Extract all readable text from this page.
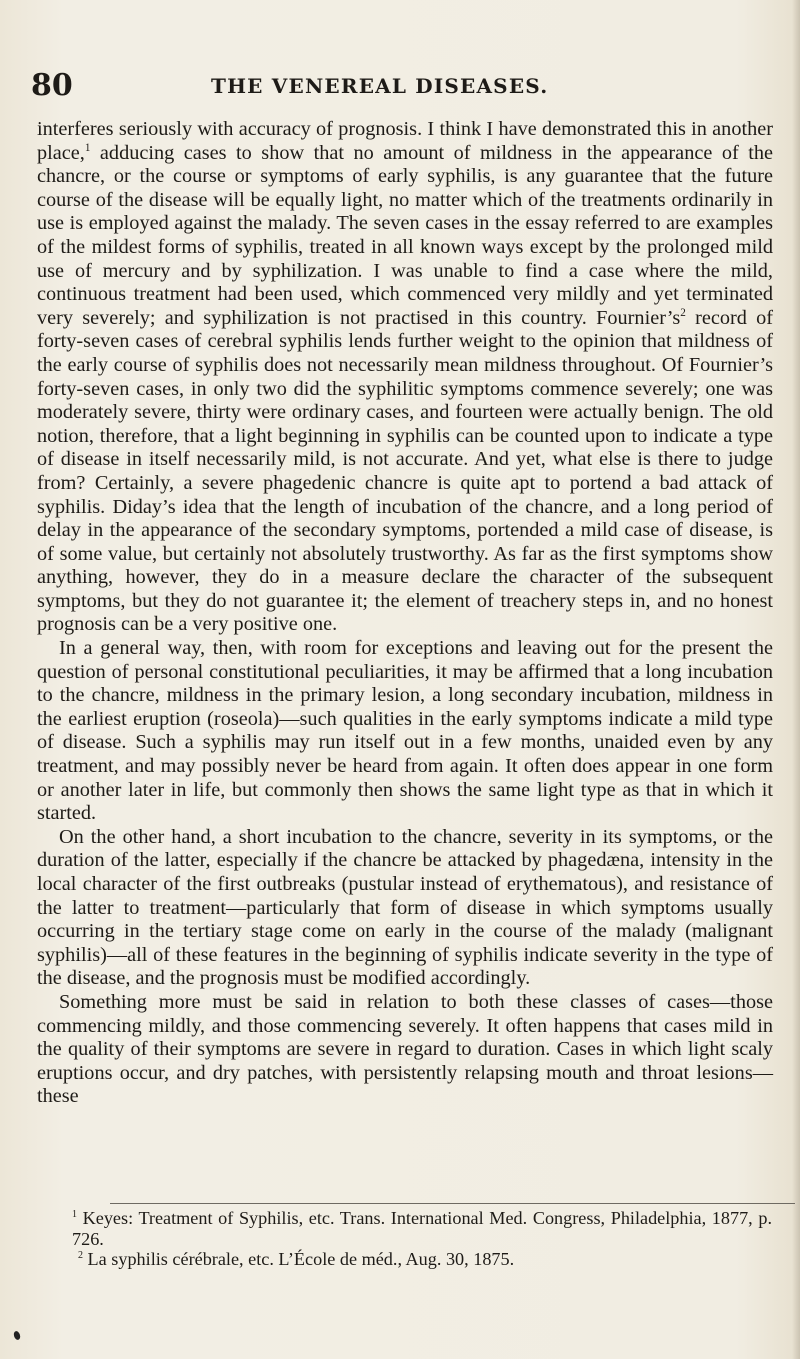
80	THE VENEREAL DISEASES.

interferes seriously with accuracy of prognosis. I think I have demonstrated this in another place,$^1$ adducing cases to show that no amount of mildness in the appearance of the chancre, or the course or symptoms of early syphilis, is any guarantee that the future course of the disease will be equally light, no matter which of the treatments ordinarily in use is employed against the malady. The seven cases in the essay referred to are examples of the mildest forms of syphilis, treated in all known ways except by the prolonged mild use of mercury and by syphilization. I was unable to find a case where the mild, continuous treatment had been used, which commenced very mildly and yet terminated very severely; and syphilization is not practised in this country. $Fournier’s^2$ record of forty-seven cases of cerebral syphilis lends further weight to the opinion that mildness of the early course of syphilis does not necessarily mean mildness throughout. Of Fournier’s forty-seven cases, in only two did the syphilitic symptoms commence severely; one was moderately severe, thirty were ordinary cases, and fourteen were actually benign. The old notion, therefore, that a light beginning in syphilis can be counted upon to indicate a type of disease in itself necessarily mild, is not accurate. And yet, what else is there to judge from? Certainly, a severe phagedenic chancre is quite apt to portend a bad attack of syphilis. Diday’s idea that the length of incubation of the chancre, and a long period of delay in the appearance of the secondary symptoms, portended a mild case of disease, is of some value, but certainly not absolutely trustworthy. As far as the first symptoms show anything, however, they do in a measure declare the character of the subsequent symptoms, but they do not guarantee it; the element of treachery steps in, and no honest prognosis can be a very positive one.

In a general way, then, with room for exceptions and leaving out for the present the question of personal constitutional peculiarities, it may be affirmed that a long incubation to the chancre, mildness in the primary lesion, a long secondary incubation, mildness in the earliest eruption (roseola)—such qualities in the early symptoms indicate a mild type of disease. Such a syphilis may run itself out in a few months, unaided even by any treatment, and may possibly never be heard from again. It often does appear in one form or another later in life, but commonly then shows the same light type as that in which it started.

On the other hand, a short incubation to the chancre, severity in its symptoms, or the duration of the latter, especially if the chancre be attacked by phagedæna, intensity in the local character of the first outbreaks (pustular instead of erythematous), and resistance of the latter to treatment—particularly that form of disease in which symptoms usually occurring in the tertiary stage come on early in the course of the malady (malignant syphilis)—all of these features in the beginning of syphilis indicate severity in the type of the disease, and the prognosis must be modified accordingly.

Something more must be said in relation to both these classes of cases—those commencing mildly, and those commencing severely. It often happens that cases mild in the quality of their symptoms are severe in regard to duration. Cases in which light scaly eruptions occur, and dry patches, with persistently relapsing mouth and throat lesions—these

$^1$ Keyes: Treatment of Syphilis, etc. Trans. International Med. Congress, Philadelphia, 1877, p. 726.

$^2$ La syphilis cérébrale, etc. L’École de méd., Aug. 30, 1875.
